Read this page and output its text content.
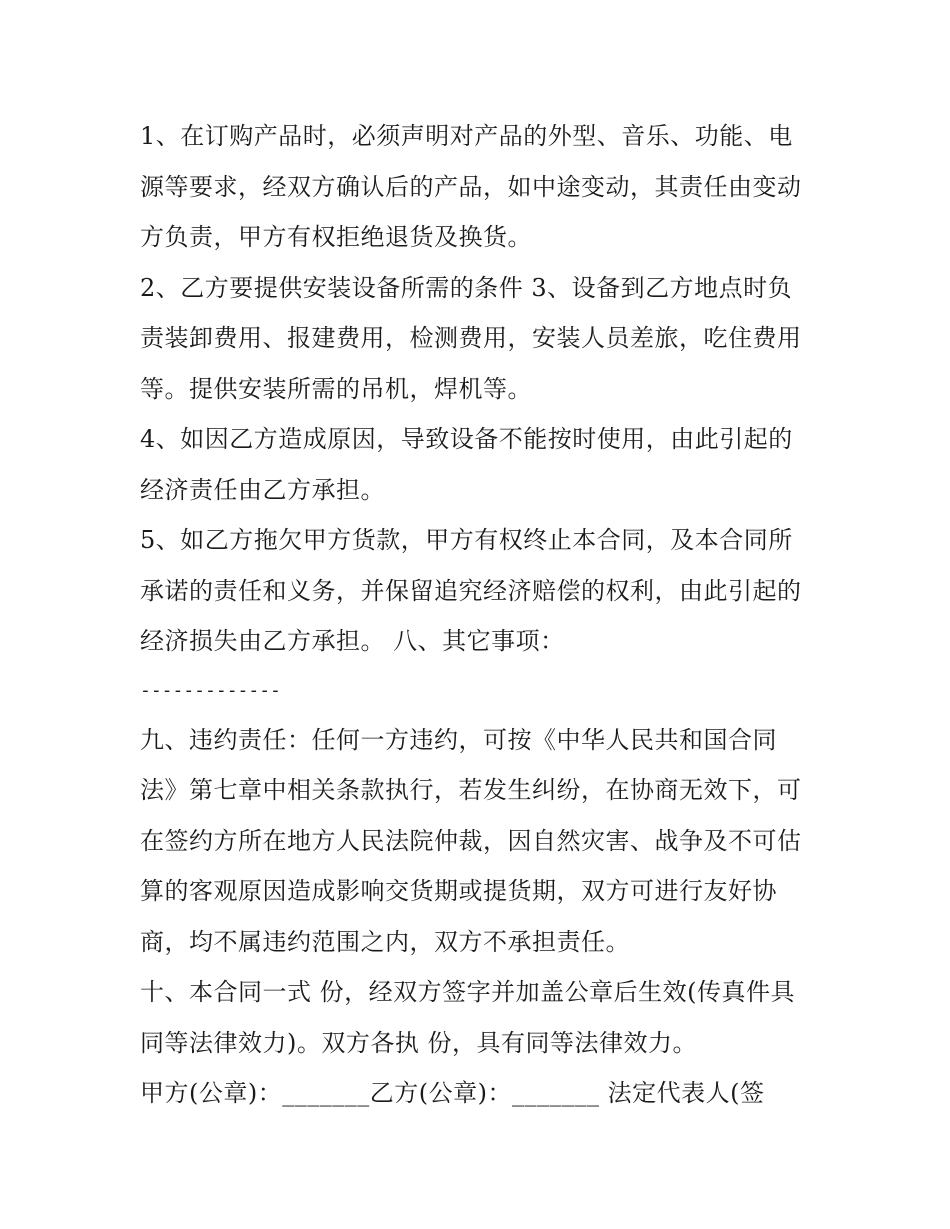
1、在订购产品时，必须声明对产品的外型、音乐、功能、电
源等要求，经双方确认后的产品，如中途变动，其责任由变动
方负责，甲方有权拒绝退货及换货。
2、乙方要提供安装设备所需的条件 3、设备到乙方地点时负
责装卸费用、报建费用，检测费用，安装人员差旅，吃住费用
等。提供安装所需的吊机，焊机等。
4、如因乙方造成原因，导致设备不能按时使用，由此引起的
经济责任由乙方承担。
5、如乙方拖欠甲方货款，甲方有权终止本合同，及本合同所
承诺的责任和义务，并保留追究经济赔偿的权利，由此引起的
经济损失由乙方承担。 八、其它事项：
-------------
九、违约责任：任何一方违约，可按《中华人民共和国合同
法》第七章中相关条款执行，若发生纠纷，在协商无效下，可
在签约方所在地方人民法院仲裁，因自然灾害、战争及不可估
算的客观原因造成影响交货期或提货期，双方可进行友好协
商，均不属违约范围之内，双方不承担责任。
十、本合同一式 份，经双方签字并加盖公章后生效(传真件具
同等法律效力)。双方各执 份，具有同等法律效力。
甲方(公章)：_______乙方(公章)：_______ 法定代表人(签
